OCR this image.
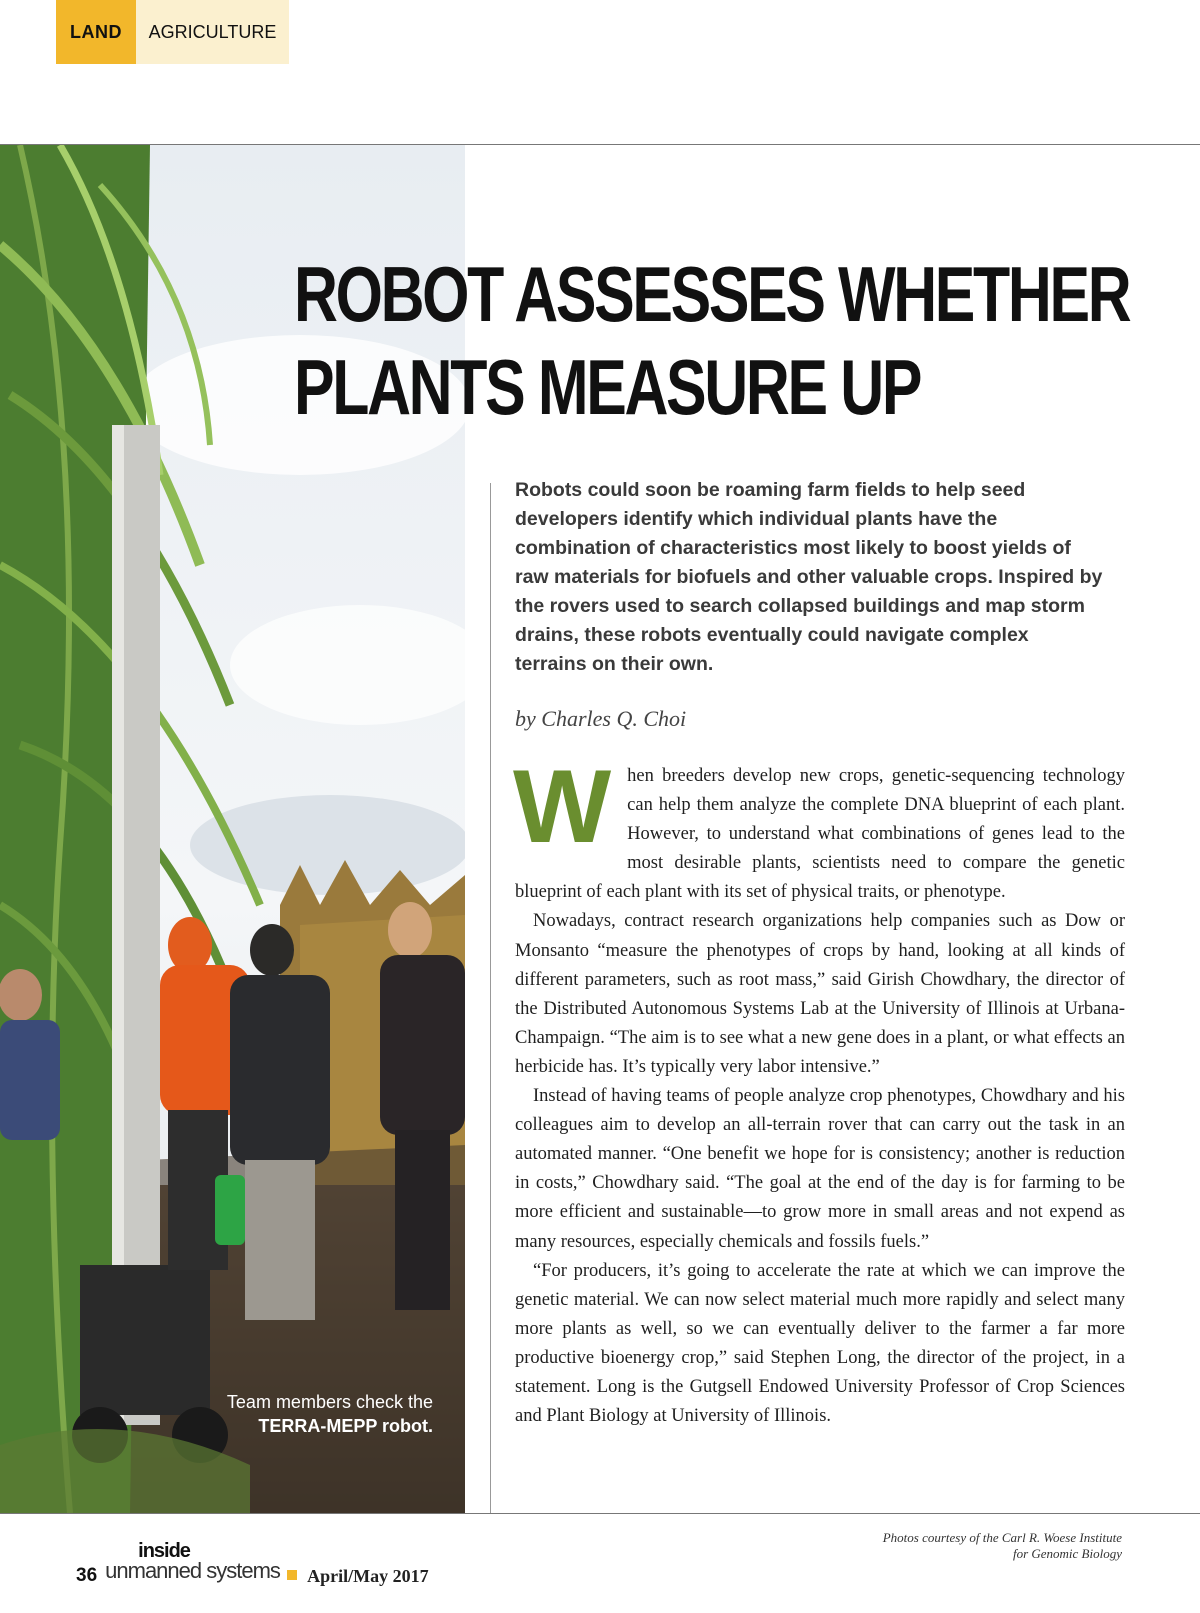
LAND	AGRICULTURE
Team members check the
TERRA-MEPP robot.
ROBOT ASSESSES WHETHER
PLANTS MEASURE UP

Robots could soon be roaming farm fields to help seed developers identify which individual plants have the combination of characteristics most likely to boost yields of raw materials for biofuels and other valuable crops. Inspired by the rovers used to search collapsed buildings and map storm drains, these robots eventually could navigate complex terrains on their own.

by Charles Q. Choi

When breeders develop new crops, genetic-sequencing technology can help them analyze the complete DNA blueprint of each plant. However, to understand what combinations of genes lead to the most desirable plants, scientists need to compare the genetic blueprint of each plant with its set of physical traits, or phenotype.

Nowadays, contract research organizations help companies such as Dow or Monsanto “measure the phenotypes of crops by hand, looking at all kinds of different parameters, such as root mass,” said Girish Chowdhary, the director of the Distributed Autonomous Systems Lab at the University of Illinois at Urbana-Champaign. “The aim is to see what a new gene does in a plant, or what effects an herbicide has. It’s typically very labor intensive.”

Instead of having teams of people analyze crop phenotypes, Chowdhary and his colleagues aim to develop an all-terrain rover that can carry out the task in an automated manner. “One benefit we hope for is consistency; another is reduction in costs,” Chowdhary said. “The goal at the end of the day is for farming to be more efficient and sustainable—to grow more in small areas and not expend as many resources, especially chemicals and fossils fuels.”

“For producers, it’s going to accelerate the rate at which we can improve the genetic material. We can now select material much more rapidly and select many more plants as well, so we can eventually deliver to the farmer a far more productive bioenergy crop,” said Stephen Long, the director of the project, in a statement. Long is the Gutgsell Endowed University Professor of Crop Sciences and Plant Biology at University of Illinois.

36
inside
unmanned systems April/May 2017
Photos courtesy of the Carl R. Woese Institute
for Genomic Biology
